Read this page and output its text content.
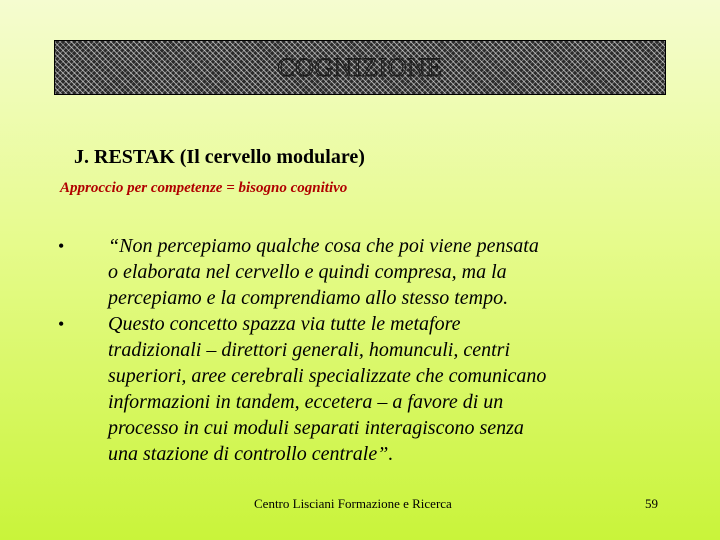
COGNIZIONE
J. RESTAK (Il cervello modulare)
Approccio per competenze = bisogno cognitivo
•	“Non percepiamo qualche cosa che poi viene pensata
o elaborata nel cervello e quindi compresa, ma la
percepiamo e la comprendiamo allo stesso tempo.
•	Questo concetto spazza via tutte le metafore
tradizionali – direttori generali, homunculi, centri
superiori, aree cerebrali specializzate che comunicano
informazioni in tandem, eccetera – a favore di un
processo in cui moduli separati interagiscono senza
una stazione di controllo centrale”.
Centro Lisciani Formazione e Ricerca	59
